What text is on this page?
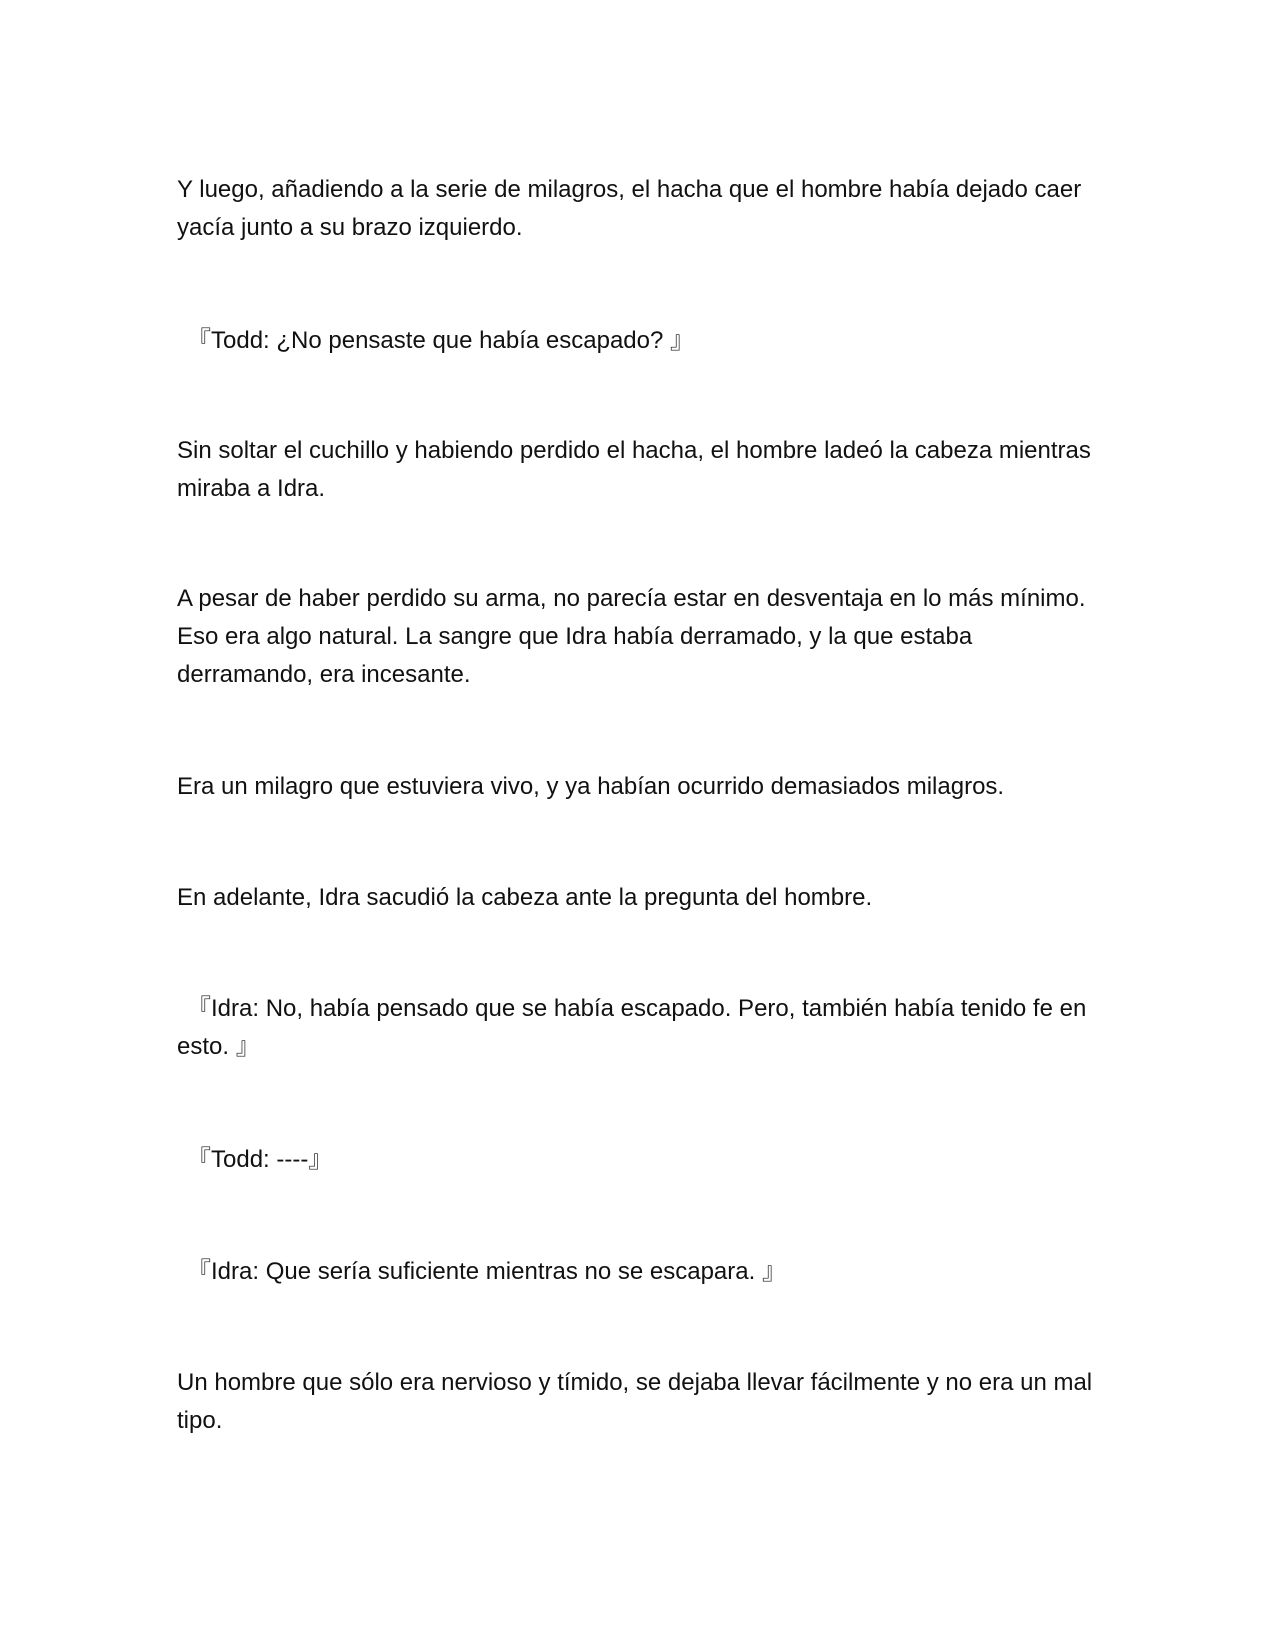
Y luego, añadiendo a la serie de milagros, el hacha que el hombre había dejado caer yacía junto a su brazo izquierdo.

『Todd: ¿No pensaste que había escapado? 』

Sin soltar el cuchillo y habiendo perdido el hacha, el hombre ladeó la cabeza mientras miraba a Idra.

A pesar de haber perdido su arma, no parecía estar en desventaja en lo más mínimo. Eso era algo natural. La sangre que Idra había derramado, y la que estaba derramando, era incesante.

Era un milagro que estuviera vivo, y ya habían ocurrido demasiados milagros.

En adelante, Idra sacudió la cabeza ante la pregunta del hombre.

『Idra: No, había pensado que se había escapado. Pero, también había tenido fe en esto. 』

『Todd: ----』

『Idra: Que sería suficiente mientras no se escapara. 』

Un hombre que sólo era nervioso y tímido, se dejaba llevar fácilmente y no era un mal tipo.
